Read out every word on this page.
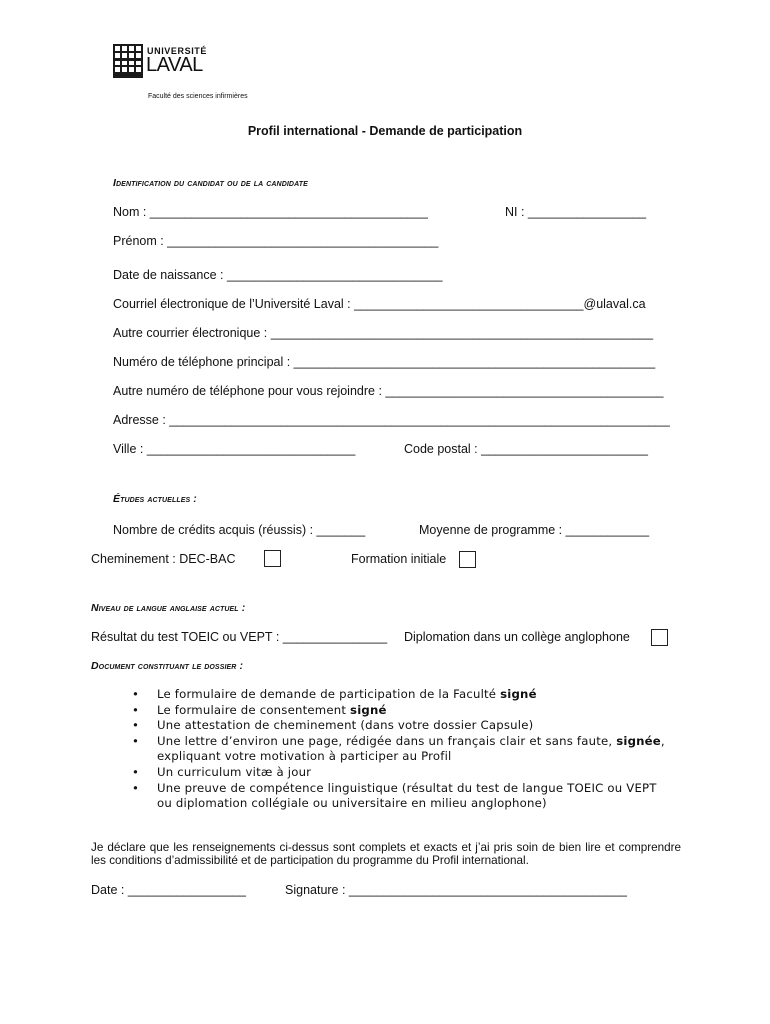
UNIVERSITÉ
LAVAL
Faculté des sciences infirmières
Profil international - Demande de participation
Identification du candidat ou de la candidate
Nom : ________________________________________	NI : _________________
Prénom : _______________________________________
Date de naissance : _______________________________
Courriel électronique de l’Université Laval : _________________________________@ulaval.ca
Autre courrier électronique : _______________________________________________________
Numéro de téléphone principal : ____________________________________________________
Autre numéro de téléphone pour vous rejoindre : ________________________________________
Adresse : ________________________________________________________________________
Ville : ______________________________	Code postal : ________________________
Études actuelles :
Nombre de crédits acquis (réussis) : _______	Moyenne de programme : ____________
Cheminement : DEC-BAC	Formation initiale
Niveau de langue anglaise actuel :
Résultat du test TOEIC ou VEPT : _______________ Diplomation dans un collège anglophone
Document constituant le dossier :
• Le formulaire de demande de participation de la Faculté signé
• Le formulaire de consentement signé
• Une attestation de cheminement (dans votre dossier Capsule)
• Une lettre d’environ une page, rédigée dans un français clair et sans faute, signée,
expliquant votre motivation à participer au Profil
• Un curriculum vitæ à jour
• Une preuve de compétence linguistique (résultat du test de langue TOEIC ou VEPT
ou diplomation collégiale ou universitaire en milieu anglophone)
Je déclare que les renseignements ci-dessus sont complets et exacts et j’ai pris soin de bien lire et comprendre les conditions d’admissibilité et de participation du programme du Profil international.
Date : _________________	Signature : ________________________________________
